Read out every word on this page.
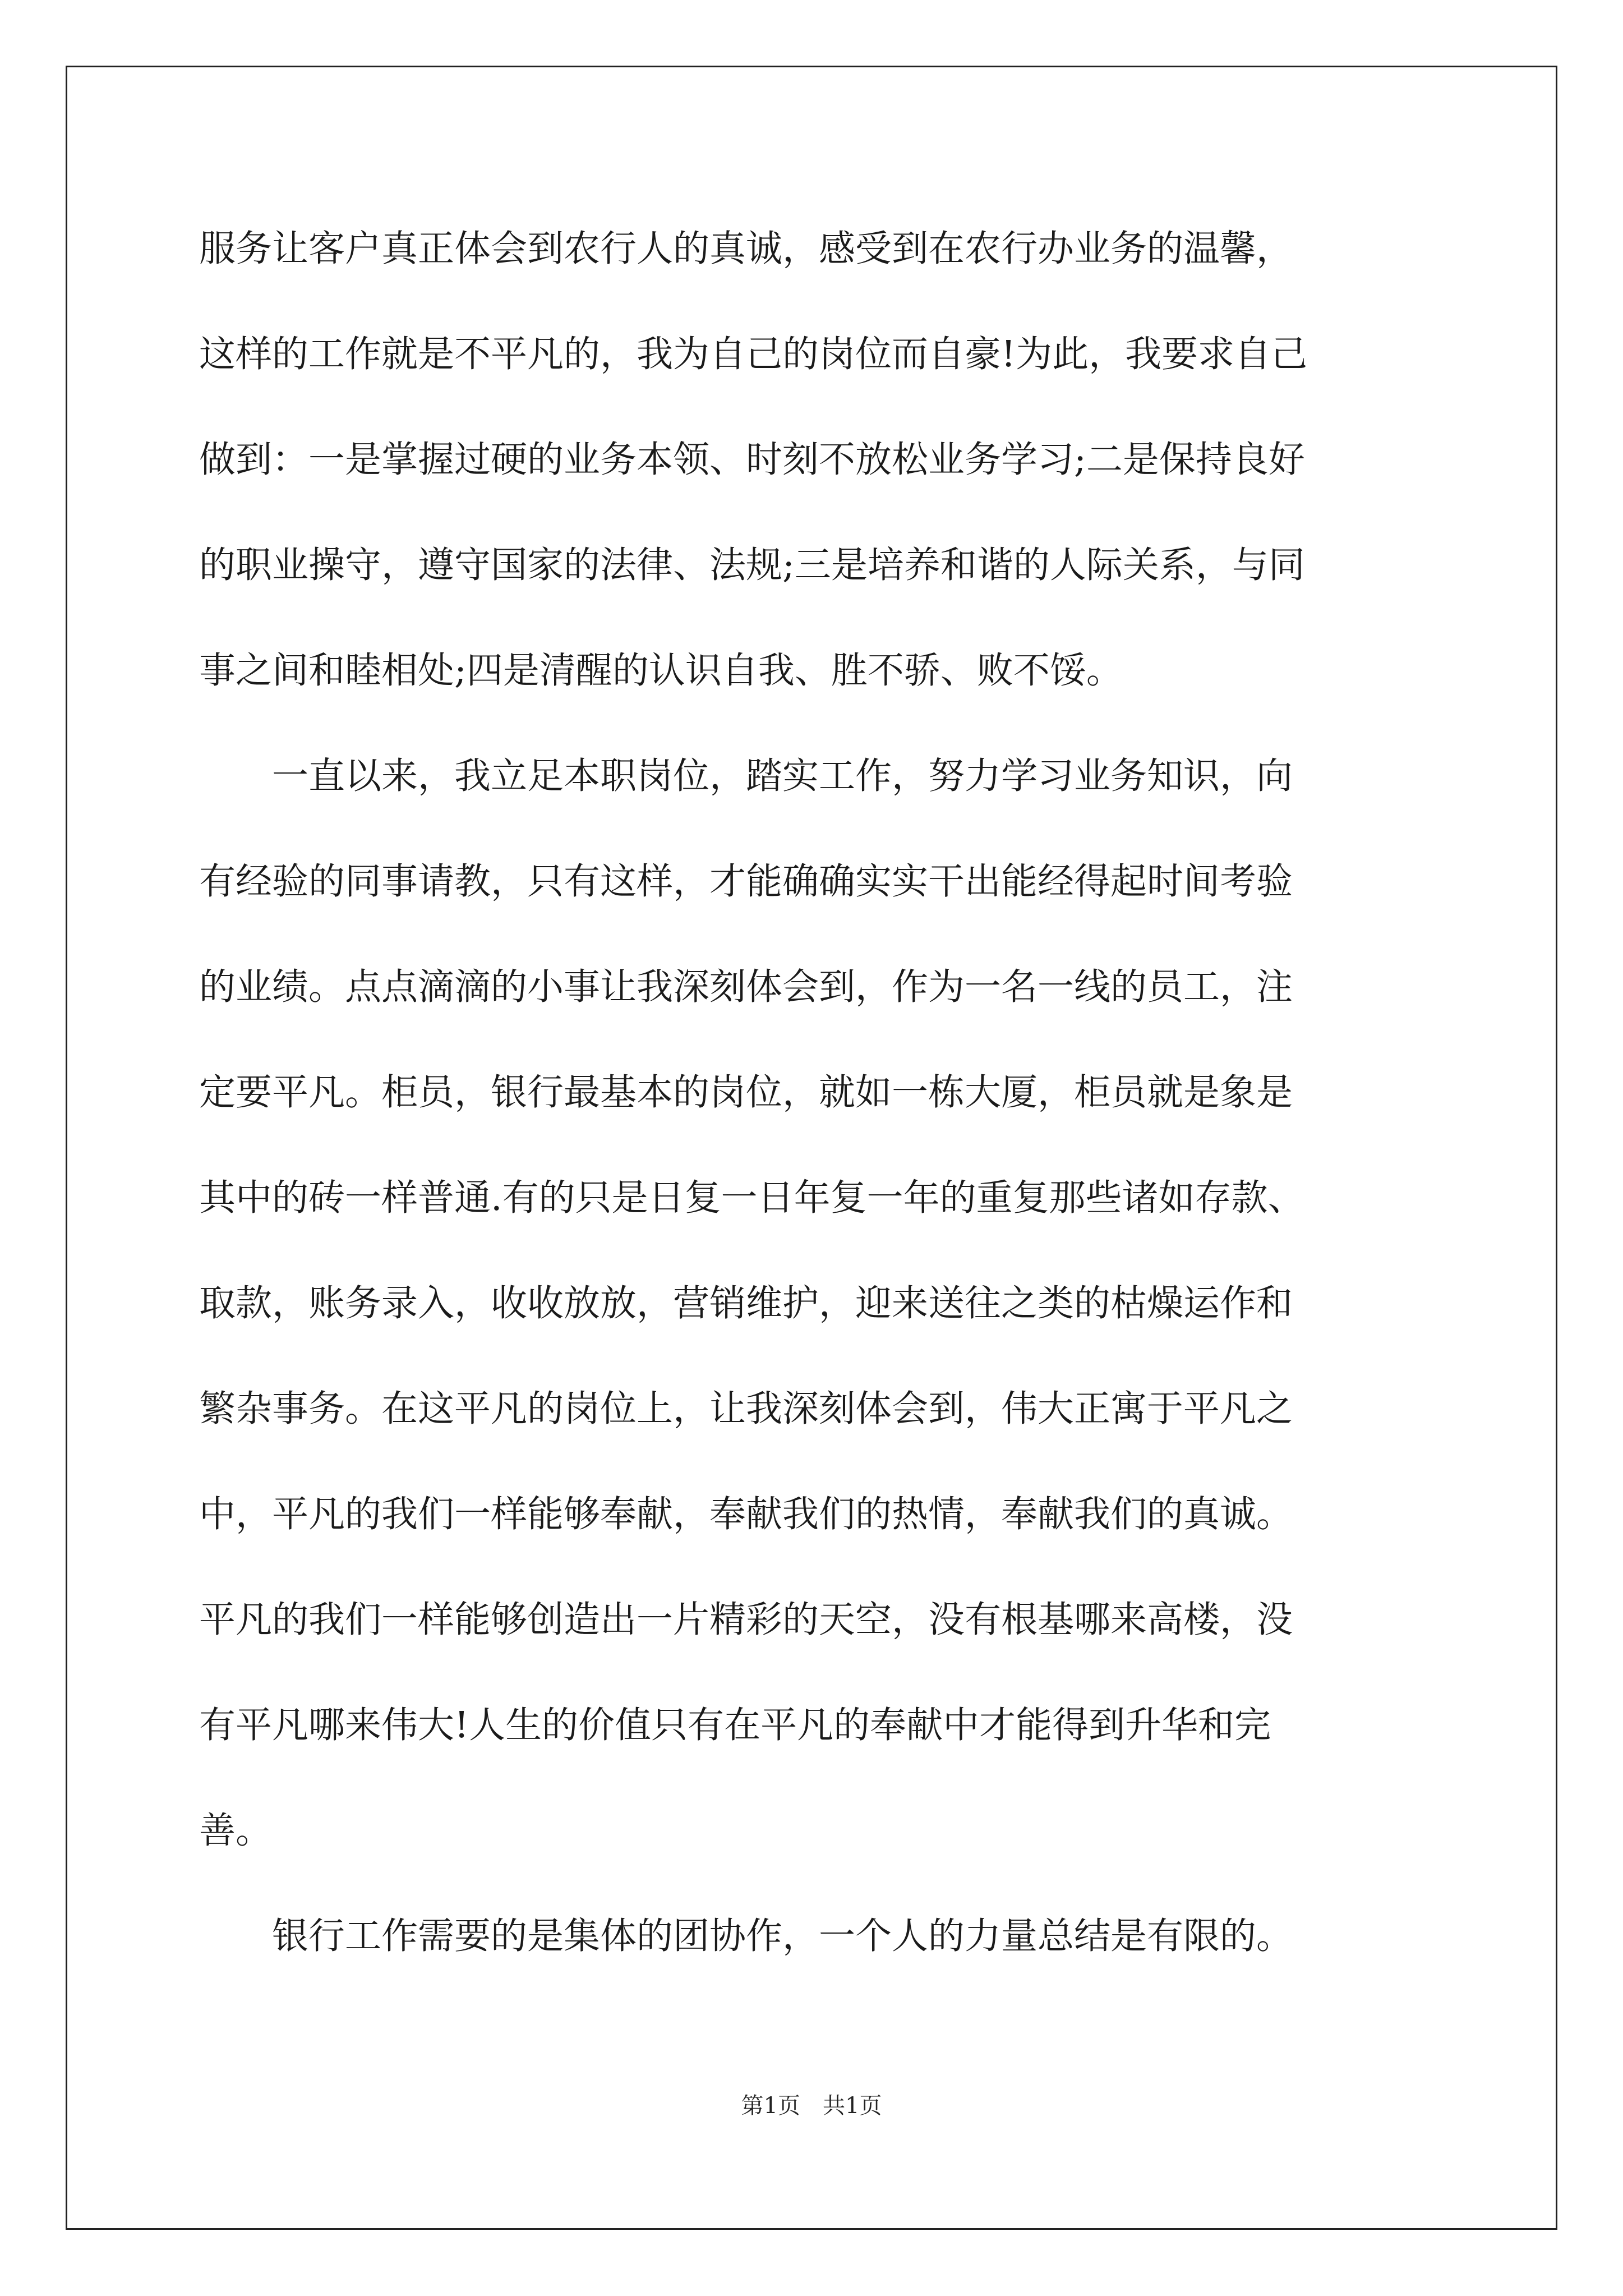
服务让客户真正体会到农行人的真诚，感受到在农行办业务的温馨，
这样的工作就是不平凡的，我为自己的岗位而自豪!为此，我要求自己
做到：一是掌握过硬的业务本领、时刻不放松业务学习;二是保持良好
的职业操守，遵守国家的法律、法规;三是培养和谐的人际关系，与同
事之间和睦相处;四是清醒的认识自我、胜不骄、败不馁。
　　一直以来，我立足本职岗位，踏实工作，努力学习业务知识，向
有经验的同事请教，只有这样，才能确确实实干出能经得起时间考验
的业绩。点点滴滴的小事让我深刻体会到，作为一名一线的员工，注
定要平凡。柜员，银行最基本的岗位，就如一栋大厦，柜员就是象是
其中的砖一样普通.有的只是日复一日年复一年的重复那些诸如存款、
取款，账务录入，收收放放，营销维护，迎来送往之类的枯燥运作和
繁杂事务。在这平凡的岗位上，让我深刻体会到，伟大正寓于平凡之
中，平凡的我们一样能够奉献，奉献我们的热情，奉献我们的真诚。
平凡的我们一样能够创造出一片精彩的天空，没有根基哪来高楼，没
有平凡哪来伟大!人生的价值只有在平凡的奉献中才能得到升华和完
善。
　　银行工作需要的是集体的团协作，一个人的力量总结是有限的。
第1页　共1页
